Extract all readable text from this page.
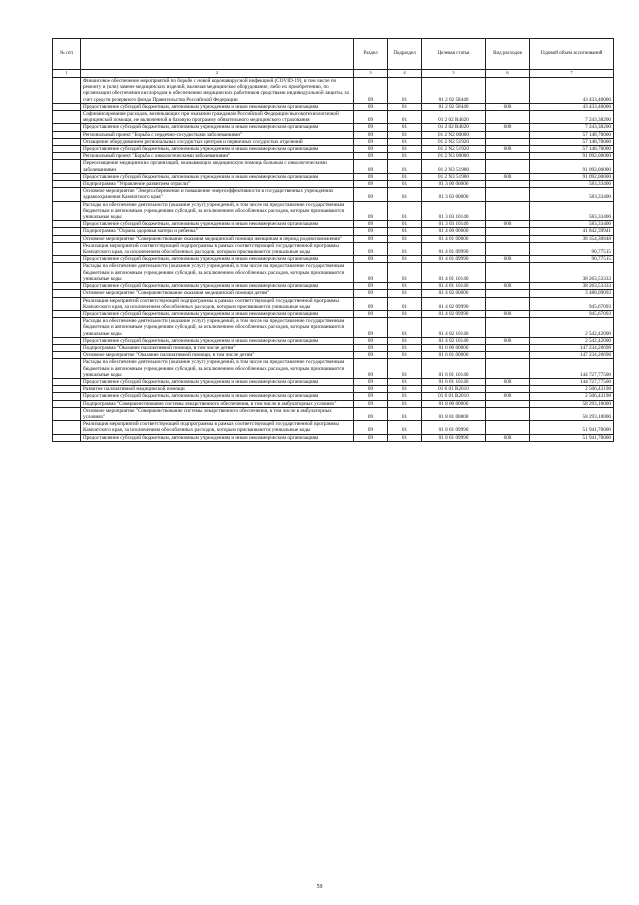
№ п/п		Раздел	Подраздел	Целевая статья	Вид расходов	Годовой объем ассигнований
1	2	3	4	5	6	7
	Финансовое обеспечение мероприятий по борьбе с новой коронавирусной инфекцией (COVID-19), в том числе по ремонту и (или) замене медицинских изделий, включая медицинское оборудование, либо их приобретению, по организации обеспечения кислородом и обеспечению медицинских работников средствами индивидуальной защиты, за счет средств резервного фонда Правительства Российской Федерации	09	01	01 2 02 58440		43 433,40000
	Предоставление субсидий бюджетным, автономным учреждениям и иным некоммерческим организациям	09	01	01 2 02 58440	600	43 433,40000
	Софинансирование расходов, возникающих при оказании гражданам Российской Федерации высокотехнологичной медицинской помощи, не включенной в базовую программу обязательного медицинского страхования	09	01	01 2 02 R4020		7 243,38200
	Предоставление субсидий бюджетным, автономным учреждениям и иным некоммерческим организациям	09	01	01 2 02 R4020	600	7 243,38200
	Региональный проект "Борьба с сердечно-сосудистыми заболеваниями"	09	01	01 2 N2 00000		57 148,70000
	Оснащение оборудованием региональных сосудистых центров и первичных сосудистых отделений	09	01	01 2 N2 51920		57 148,70000
	Предоставление субсидий бюджетным, автономным учреждениям и иным некоммерческим организациям	09	01	01 2 N2 51920	600	57 148,70000
	Региональный проект "Борьба с онкологическими заболеваниями"	09	01	01 2 N3 00000		91 092,00000
	Переоснащение медицинских организаций, оказывающих медицинскую помощь больным с онкологическими заболеваниями	09	01	01 2 N3 51900		91 092,00000
	Предоставление субсидий бюджетным, автономным учреждениям и иным некоммерческим организациям	09	01	01 2 N3 51900	600	91 092,00000
	Подпрограмма "Управление развитием отрасли"	09	01	01 3 00 00000		583,33400
	Основное мероприятие "Энергосбережение и повышение энергоэффективности в государственных учреждениях здравоохранения Камчатского края"	09	01	01 3 03 00000		583,33400
	Расходы на обеспечение деятельности (оказание услуг) учреждений, в том числе на предоставление государственным бюджетным и автономным учреждениям субсидий, за исключением обособленных расходов, которым присваиваются уникальные коды	09	01	01 3 03 10140		583,33400
	Предоставление субсидий бюджетным, автономным учреждениям и иным некоммерческим организациям	09	01	01 3 03 10140	600	583,33400
	Подпрограмма "Охрана здоровья матери и ребенка"	09	01	01 4 00 00000		41 842,39941
	Основное мероприятие "Совершенствование оказания медицинской помощи женщинам в период родовспоможения"	09	01	01 4 01 00000		38 354,30848
	Реализация мероприятий соответствующей подпрограммы в рамках соответствующей государственной программы Камчатского края, за исключением обособленных расходов, которым присваиваются уникальные коды	09	01	01 4 01 09990		90,77515
	Предоставление субсидий бюджетным, автономным учреждениям и иным некоммерческим организациям	09	01	01 4 01 09990	600	90,77515
	Расходы на обеспечение деятельности (оказание услуг) учреждений, в том числе на предоставление государственным бюджетным и автономным учреждениям субсидий, за исключением обособленных расходов, которым присваиваются уникальные коды	09	01	01 4 01 10140		38 263,53333
	Предоставление субсидий бюджетным, автономным учреждениям и иным некоммерческим организациям	09	01	01 4 01 10140	600	38 263,53333
	Основное мероприятие "Совершенствование оказания медицинской помощи детям"	09	01	01 4 02 00000		3 488,09093
	Реализация мероприятий соответствующей подпрограммы в рамках соответствующей государственной программы Камчатского края, за исключением обособленных расходов, которым присваиваются уникальные коды	09	01	01 4 02 09990		945,67093
	Предоставление субсидий бюджетным, автономным учреждениям и иным некоммерческим организациям	09	01	01 4 02 09990	600	945,67093
	Расходы на обеспечение деятельности (оказание услуг) учреждений, в том числе на предоставление государственным бюджетным и автономным учреждениям субсидий, за исключением обособленных расходов, которым присваиваются уникальные коды	09	01	01 4 02 10140		2 542,42000
	Предоставление субсидий бюджетным, автономным учреждениям и иным некоммерческим организациям	09	01	01 4 02 10140	600	2 542,42000
	Подпрограмма "Оказание паллиативной помощи, в том числе детям"	09	01	01 6 00 00000		147 234,20698
	Основное мероприятие "Оказание паллиативной помощи, в том числе детям"	09	01	01 6 01 00000		147 234,20698
	Расходы на обеспечение деятельности (оказание услуг) учреждений, в том числе на предоставление государственным бюджетным и автономным учреждениям субсидий, за исключением обособленных расходов, которым присваиваются уникальные коды	09	01	01 6 01 10140		144 727,77500
	Предоставление субсидий бюджетным, автономным учреждениям и иным некоммерческим организациям	09	01	01 6 01 10140	600	144 727,77500
	Развитие паллиативной медицинской помощи	09	01	01 6 01 R2010		2 506,43198
	Предоставление субсидий бюджетным, автономным учреждениям и иным некоммерческим организациям	09	01	01 6 01 R2010	600	2 506,43198
	Подпрограмма "Совершенствование системы лекарственного обеспечения, в том числе в амбулаторных условиях"	09	01	01 8 00 00000		58 293,10000
	Основное мероприятие "Совершенствование системы лекарственного обеспечения, в том числе в амбулаторных условиях"	09	01	01 8 01 00000		58 293,10000
	Реализация мероприятий соответствующей подпрограммы в рамках соответствующей государственной программы Камчатского края, за исключением обособленных расходов, которым присваиваются уникальные коды	09	01	01 8 01 09990		51 941,70000
	Предоставление субсидий бюджетным, автономным учреждениям и иным некоммерческим организациям	09	01	01 8 01 09990	600	51 941,70000
59
